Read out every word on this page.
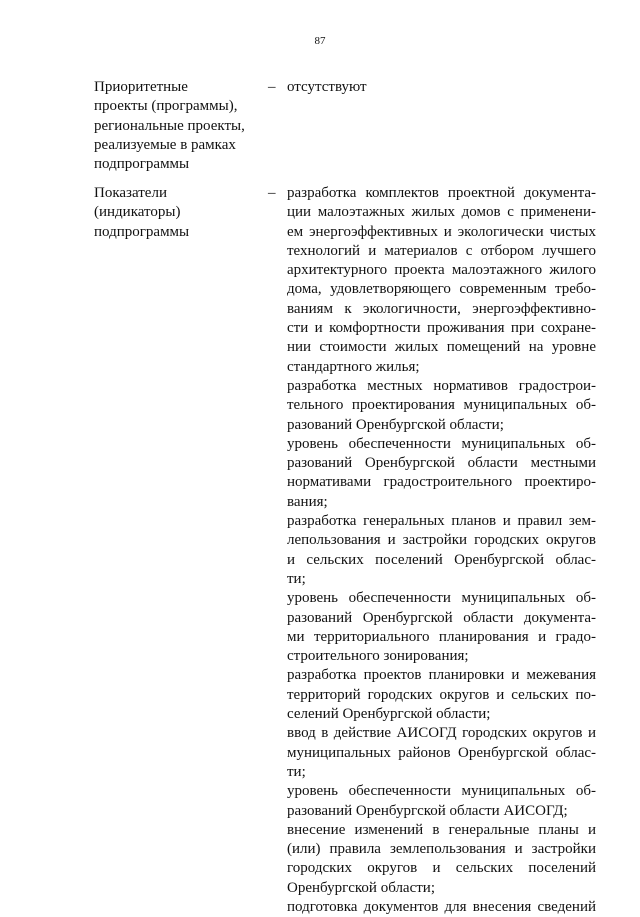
87
Приоритетные
проекты (программы),
региональные проекты,
реализуемые в рамках
подпрограммы
– отсутствуют
Показатели
(индикаторы)
подпрограммы
– разработка комплектов проектной документа-
ции малоэтажных жилых домов с применени-
ем энергоэффективных и экологически чистых
технологий и материалов с отбором лучшего
архитектурного проекта малоэтажного жилого
дома, удовлетворяющего современным требо-
ваниям к экологичности, энергоэффективно-
сти и комфортности проживания при сохране-
нии стоимости жилых помещений на уровне
стандартного жилья;
разработка местных нормативов градострои-
тельного проектирования муниципальных об-
разований Оренбургской области;
уровень обеспеченности муниципальных об-
разований Оренбургской области местными
нормативами градостроительного проектиро-
вания;
разработка генеральных планов и правил зем-
лепользования и застройки городских округов
и сельских поселений Оренбургской облас-
ти;
уровень обеспеченности муниципальных об-
разований Оренбургской области документа-
ми территориального планирования и градо-
строительного зонирования;
разработка проектов планировки и межевания
территорий городских округов и сельских по-
селений Оренбургской области;
ввод в действие АИСОГД городских округов и
муниципальных районов Оренбургской облас-
ти;
уровень обеспеченности муниципальных об-
разований Оренбургской области АИСОГД;
внесение изменений в генеральные планы и
(или) правила землепользования и застройки
городских округов и сельских поселений
Оренбургской области;
подготовка документов для внесения сведений
